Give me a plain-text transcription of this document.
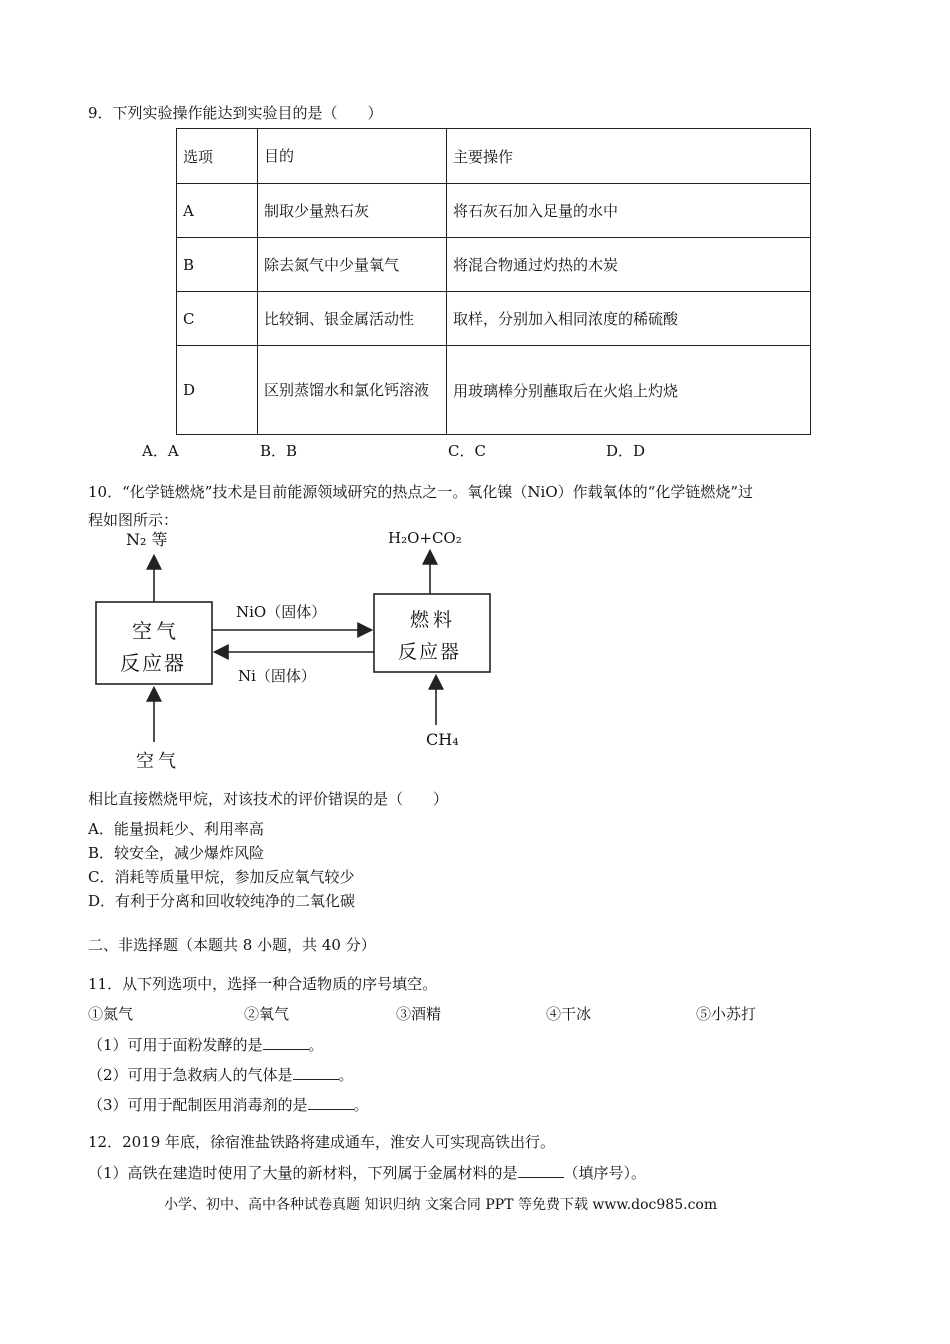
9．下列实验操作能达到实验目的是（　　）
选项	目的	主要操作
A	制取少量熟石灰	将石灰石加入足量的水中
B	除去氮气中少量氧气	将混合物通过灼热的木炭
C	比较铜、银金属活动性	取样，分别加入相同浓度的稀硫酸
D	区别蒸馏水和氯化钙溶液	用玻璃棒分别蘸取后在火焰上灼烧
A．A	B．B	C．C	D．D
10．“化学链燃烧”技术是目前能源领域研究的热点之一。氧化镍（NiO）作载氧体的“化学链燃烧”过
程如图所示：
N₂ 等	H₂O+CO₂
空气
反应器
燃料
反应器
NiO（固体）
Ni（固体）
空气
CH₄
相比直接燃烧甲烷，对该技术的评价错误的是（　　）
A．能量损耗少、利用率高
B．较安全，减少爆炸风险
C．消耗等质量甲烷，参加反应氧气较少
D．有利于分离和回收较纯净的二氧化碳
二、非选择题（本题共 8 小题，共 40 分）
11．从下列选项中，选择一种合适物质的序号填空。
①氮气	②氧气	③酒精	④干冰	⑤小苏打
（1）可用于面粉发酵的是	。
（2）可用于急救病人的气体是	。
（3）可用于配制医用消毒剂的是	。
12．2019 年底，徐宿淮盐铁路将建成通车，淮安人可实现高铁出行。
（1）高铁在建造时使用了大量的新材料，下列属于金属材料的是	（填序号）。
小学、初中、高中各种试卷真题 知识归纳 文案合同 PPT 等免费下载 www.doc985.com
